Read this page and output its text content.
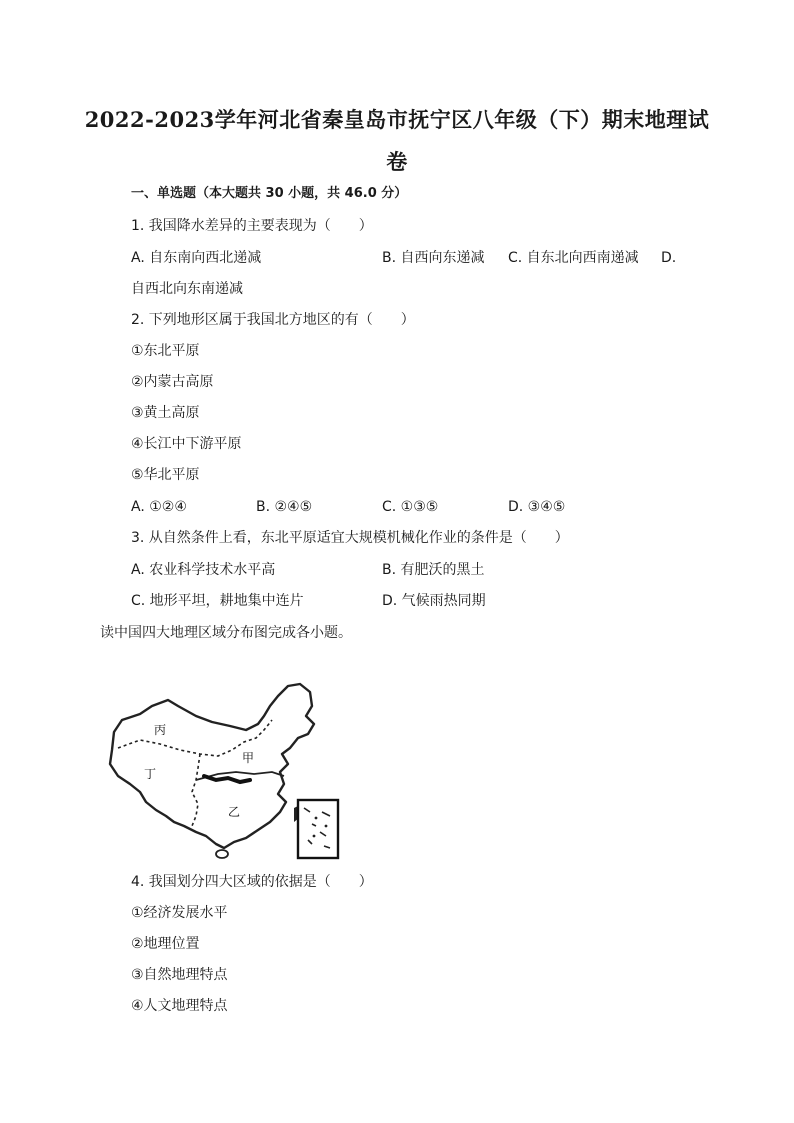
2022-2023学年河北省秦皇岛市抚宁区八年级（下）期末地理试
卷
一、单选题（本大题共 30 小题，共 46.0 分）
1. 我国降水差异的主要表现为（　　）
A. 自东南向西北递减	B. 自西向东递减 C. 自东北向西南递减 D.
自西北向东南递减
2. 下列地形区属于我国北方地区的有（　　）
①东北平原
②内蒙古高原
③黄土高原
④长江中下游平原
⑤华北平原
A. ①②④	B. ②④⑤	C. ①③⑤	D. ③④⑤
3. 从自然条件上看，东北平原适宜大规模机械化作业的条件是（　　）
A. 农业科学技术水平高	B. 有肥沃的黑土
C. 地形平坦，耕地集中连片	D. 气候雨热同期
读中国四大地理区域分布图完成各小题。
丙
丁
甲
乙
4. 我国划分四大区域的依据是（　　）
①经济发展水平
②地理位置
③自然地理特点
④人文地理特点
